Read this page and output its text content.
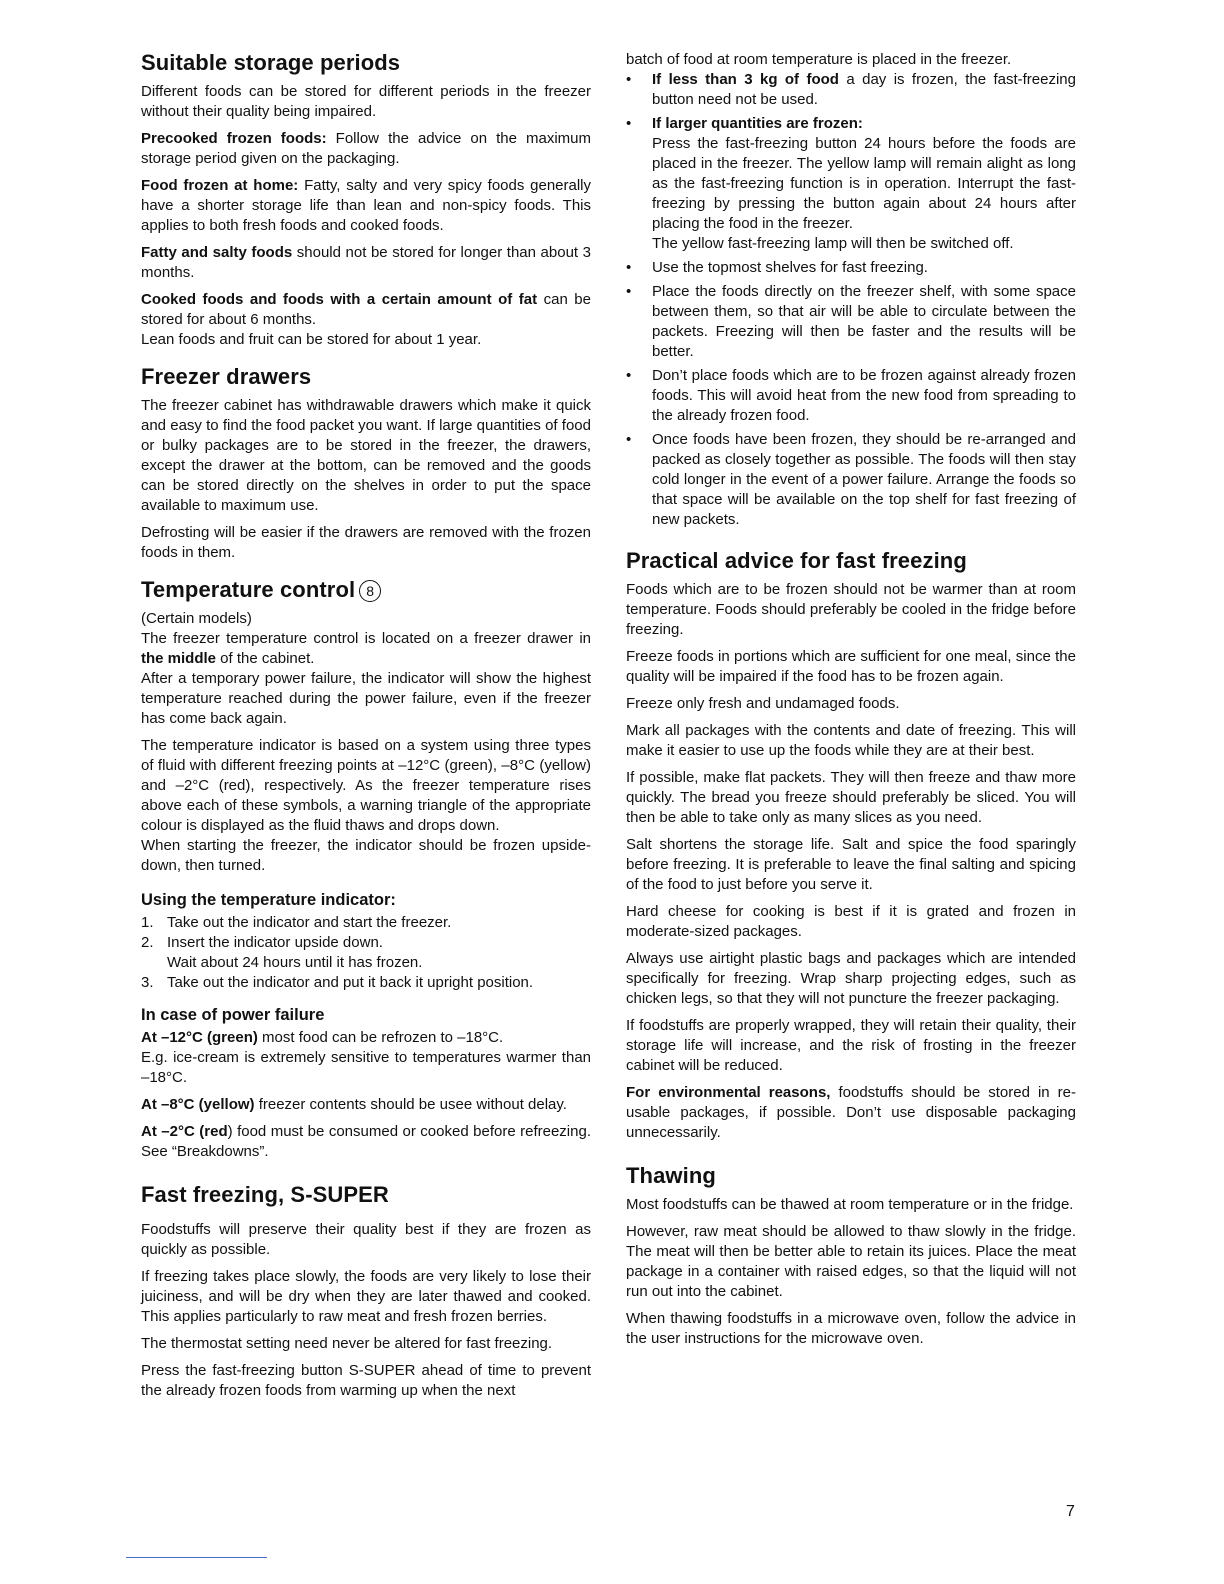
Suitable storage periods

Different foods can be stored for different periods in the freezer without their quality being impaired.

Precooked frozen foods: Follow the advice on the maximum storage period given on the packaging.

Food frozen at home: Fatty, salty and very spicy foods generally have a shorter storage life than lean and non-spicy foods. This applies to both fresh foods and cooked foods.

Fatty and salty foods should not be stored for longer than about 3 months.

Cooked foods and foods with a certain amount of fat can be stored for about 6 months.

Lean foods and fruit can be stored for about 1 year.

Freezer drawers

The freezer cabinet has withdrawable drawers which make it quick and easy to find the food packet you want. If large quantities of food or bulky packages are to be stored in the freezer, the drawers, except the drawer at the bottom, can be removed and the goods can be stored directly on the shelves in order to put the space available to maximum use.

Defrosting will be easier if the drawers are removed with the frozen foods in them.

Temperature control 8

(Certain models)

The freezer temperature control is located on a freezer drawer in the middle of the cabinet.

After a temporary power failure, the indicator will show the highest temperature reached during the power failure, even if the freezer has come back again.

The temperature indicator is based on a system using three types of fluid with different freezing points at –12°C (green), –8°C (yellow) and –2°C (red), respectively. As the freezer temperature rises above each of these symbols, a warning triangle of the appropriate colour is displayed as the fluid thaws and drops down.

When starting the freezer, the indicator should be frozen upside-down, then turned.

Using the temperature indicator:
1. Take out the indicator and start the freezer.
2. Insert the indicator upside down.
Wait about 24 hours until it has frozen.
3. Take out the indicator and put it back it upright position.
In case of power failure

At –12°C (green) most food can be refrozen to –18°C.

E.g. ice-cream is extremely sensitive to temperatures warmer than –18°C.

At –8°C (yellow) freezer contents should be usee without delay.

At –2°C (red) food must be consumed or cooked before refreezing. See “Breakdowns”.

Fast freezing, S-SUPER

Foodstuffs will preserve their quality best if they are frozen as quickly as possible.

If freezing takes place slowly, the foods are very likely to lose their juiciness, and will be dry when they are later thawed and cooked. This applies particularly to raw meat and fresh frozen berries.

The thermostat setting need never be altered for fast freezing.

Press the fast-freezing button S-SUPER ahead of time to prevent the already frozen foods from warming up when the next

batch of food at room temperature is placed in the freezer.

• If less than 3 kg of food a day is frozen, the fast-freezing button need not be used.
• If larger quantities are frozen:
Press the fast-freezing button 24 hours before the foods are placed in the freezer. The yellow lamp will remain alight as long as the fast-freezing function is in operation. Interrupt the fast-freezing by pressing the button again about 24 hours after placing the food in the freezer.
The yellow fast-freezing lamp will then be switched off.
• Use the topmost shelves for fast freezing.
• Place the foods directly on the freezer shelf, with some space between them, so that air will be able to circulate between the packets. Freezing will then be faster and the results will be better.
• Don’t place foods which are to be frozen against already frozen foods. This will avoid heat from the new food from spreading to the already frozen food.
• Once foods have been frozen, they should be re-arranged and packed as closely together as possible. The foods will then stay cold longer in the event of a power failure. Arrange the foods so that space will be available on the top shelf for fast freezing of new packets.
Practical advice for fast freezing

Foods which are to be frozen should not be warmer than at room temperature. Foods should preferably be cooled in the fridge before freezing.

Freeze foods in portions which are sufficient for one meal, since the quality will be impaired if the food has to be frozen again.

Freeze only fresh and undamaged foods.

Mark all packages with the contents and date of freezing. This will make it easier to use up the foods while they are at their best.

If possible, make flat packets. They will then freeze and thaw more quickly. The bread you freeze should preferably be sliced. You will then be able to take only as many slices as you need.

Salt shortens the storage life. Salt and spice the food sparingly before freezing. It is preferable to leave the final salting and spicing of the food to just before you serve it.

Hard cheese for cooking is best if it is grated and frozen in moderate-sized packages.

Always use airtight plastic bags and packages which are intended specifically for freezing. Wrap sharp projecting edges, such as chicken legs, so that they will not puncture the freezer packaging.

If foodstuffs are properly wrapped, they will retain their quality, their storage life will increase, and the risk of frosting in the freezer cabinet will be reduced.

For environmental reasons, foodstuffs should be stored in re-usable packages, if possible. Don’t use disposable packaging unnecessarily.

Thawing

Most foodstuffs can be thawed at room temperature or in the fridge.

However, raw meat should be allowed to thaw slowly in the fridge. The meat will then be better able to retain its juices. Place the meat package in a container with raised edges, so that the liquid will not run out into the cabinet.

When thawing foodstuffs in a microwave oven, follow the advice in the user instructions for the microwave oven.

7
